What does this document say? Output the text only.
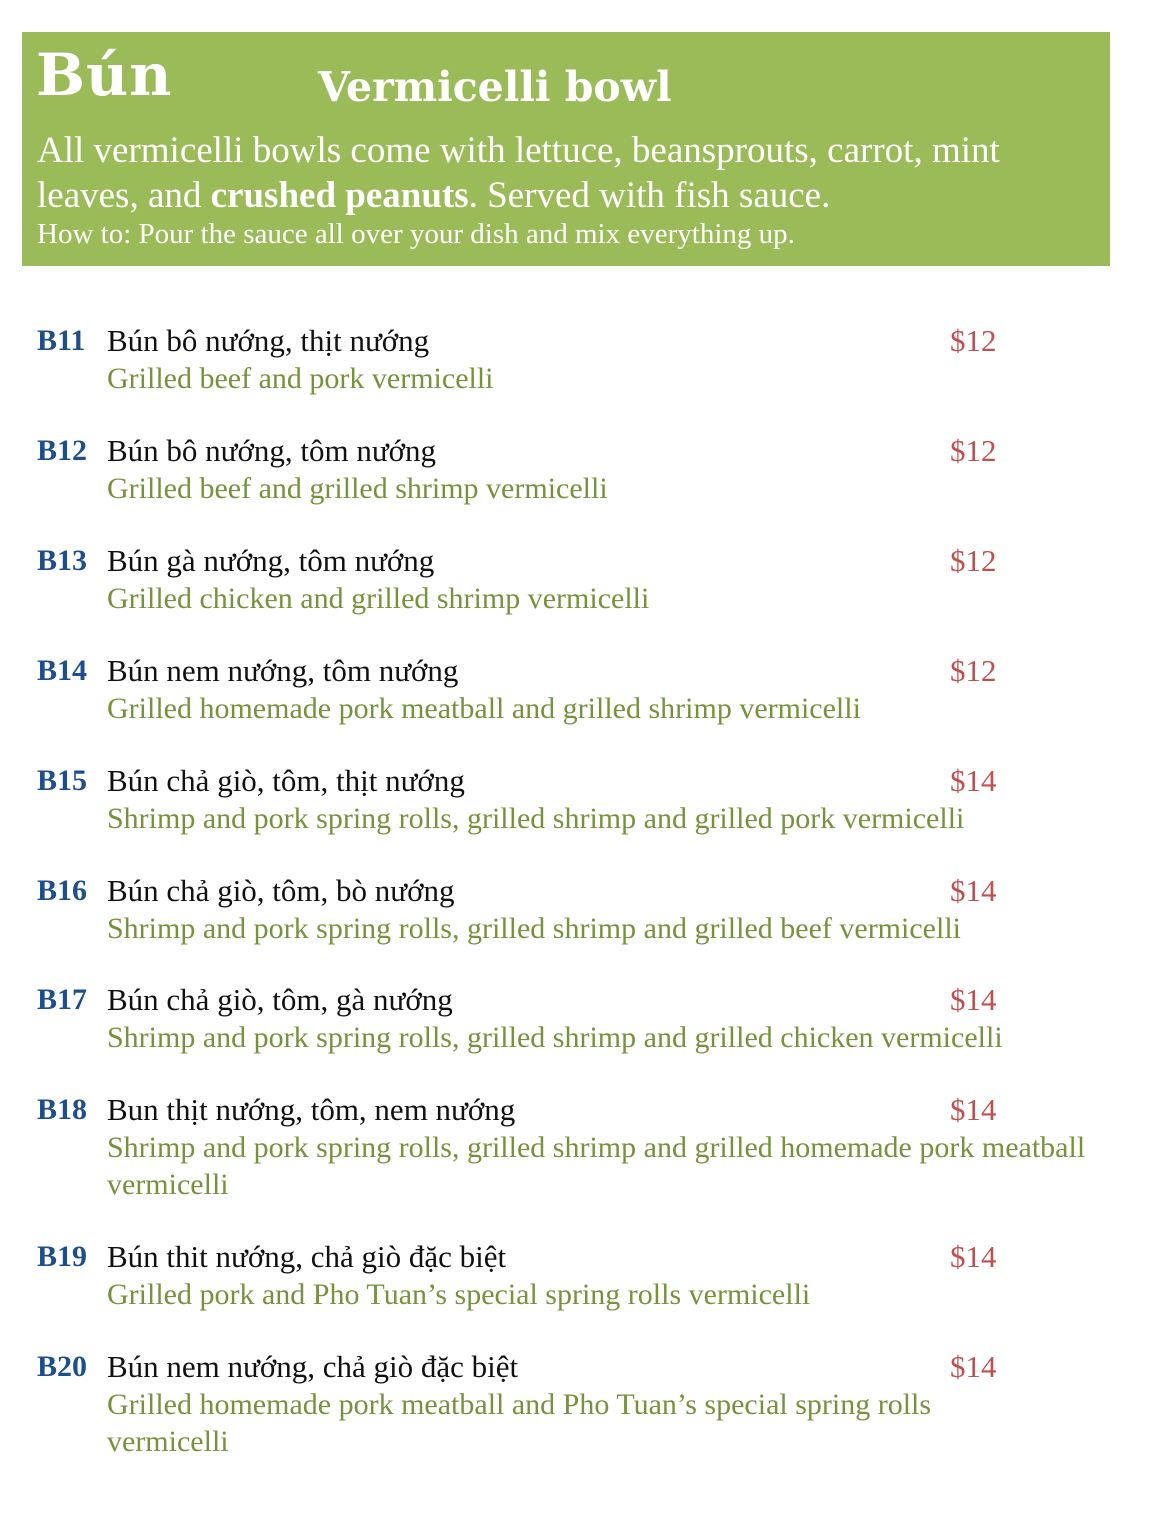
Bún	Vermicelli bowl
All vermicelli bowls come with lettuce, beansprouts, carrot, mint leaves, and crushed peanuts. Served with fish sauce.
How to: Pour the sauce all over your dish and mix everything up.
B11 Bún bô nướng, thịt nướng	$12
Grilled beef and pork vermicelli
B12 Bún bô nướng, tôm nướng	$12
Grilled beef and grilled shrimp vermicelli
B13 Bún gà nướng, tôm nướng	$12
Grilled chicken and grilled shrimp vermicelli
B14 Bún nem nướng, tôm nướng	$12
Grilled homemade pork meatball and grilled shrimp vermicelli
B15 Bún chả giò, tôm, thịt nướng	$14
Shrimp and pork spring rolls, grilled shrimp and grilled pork vermicelli
B16 Bún chả giò, tôm, bò nướng	$14
Shrimp and pork spring rolls, grilled shrimp and grilled beef vermicelli
B17 Bún chả giò, tôm, gà nướng	$14
Shrimp and pork spring rolls, grilled shrimp and grilled chicken vermicelli
B18 Bun thịt nướng, tôm, nem nướng	$14
Shrimp and pork spring rolls, grilled shrimp and grilled homemade pork meatball vermicelli
B19 Bún thit nướng, chả giò đặc biệt	$14
Grilled pork and Pho Tuan’s special spring rolls vermicelli
B20 Bún nem nướng, chả giò đặc biệt	$14
Grilled homemade pork meatball and Pho Tuan’s special spring rolls vermicelli
